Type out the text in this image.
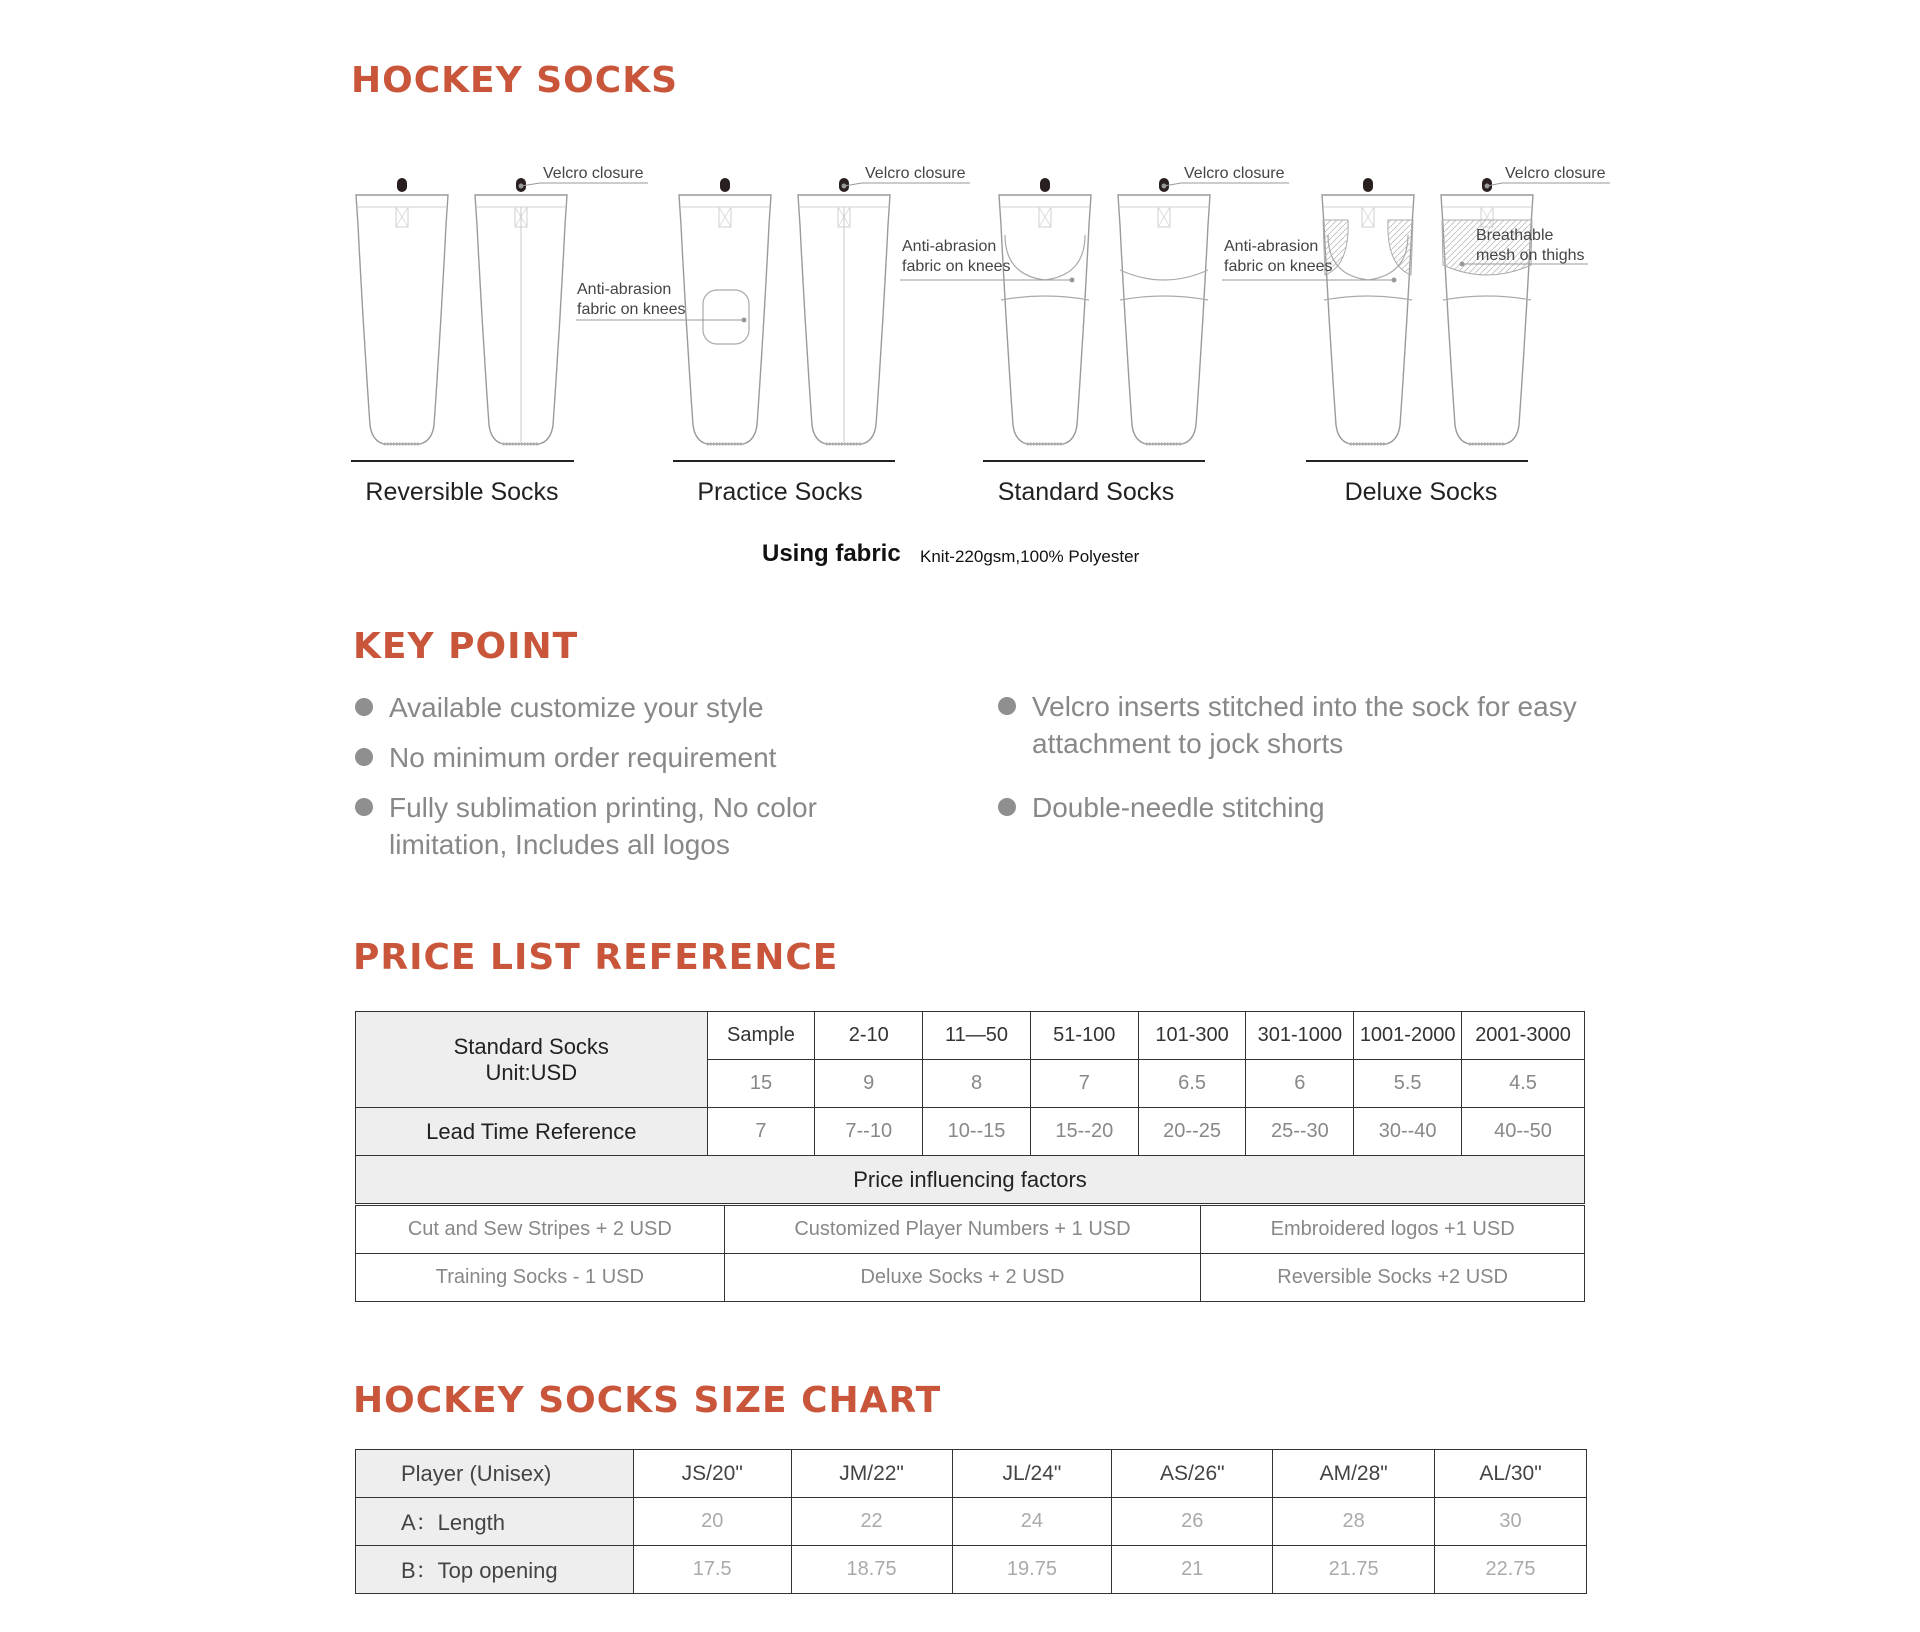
HOCKEY SOCKS
Velcro closure	Velcro closure	Velcro closure	Velcro closure
Anti-abrasion
fabric on knees
Anti-abrasion
fabric on knees
Anti-abrasion
fabric on knees
Breathable
mesh on thighs
Reversible Socks	Practice Socks	Standard Socks	Deluxe Socks
Using fabric Knit-220gsm,100% Polyester
KEY POINT
Available customize your style
No minimum order requirement
Fully sublimation printing, No color
limitation, Includes all logos
Velcro inserts stitched into the sock for easy
attachment to jock shorts
Double-needle stitching
PRICE LIST REFERENCE
Standard Socks
Unit:USD	Sample	2-10	11—50	51-100	101-300	301-1000	1001-2000	2001-3000
	15	9	8	7	6.5	6	5.5	4.5
Lead Time Reference	7	7--10	10--15	15--20	20--25	25--30	30--40	40--50
Price influencing factors								
Cut and Sew Stripes + 2 USD	Customized Player Numbers + 1 USD	Embroidered logos +1 USD
Training Socks - 1 USD	Deluxe Socks + 2 USD	Reversible Socks +2 USD
HOCKEY SOCKS SIZE CHART
Player (Unisex)	JS/20"	JM/22"	JL/24"	AS/26"	AM/28"	AL/30"
A：Length	20	22	24	26	28	30
B：Top opening	17.5	18.75	19.75	21	21.75	22.75
